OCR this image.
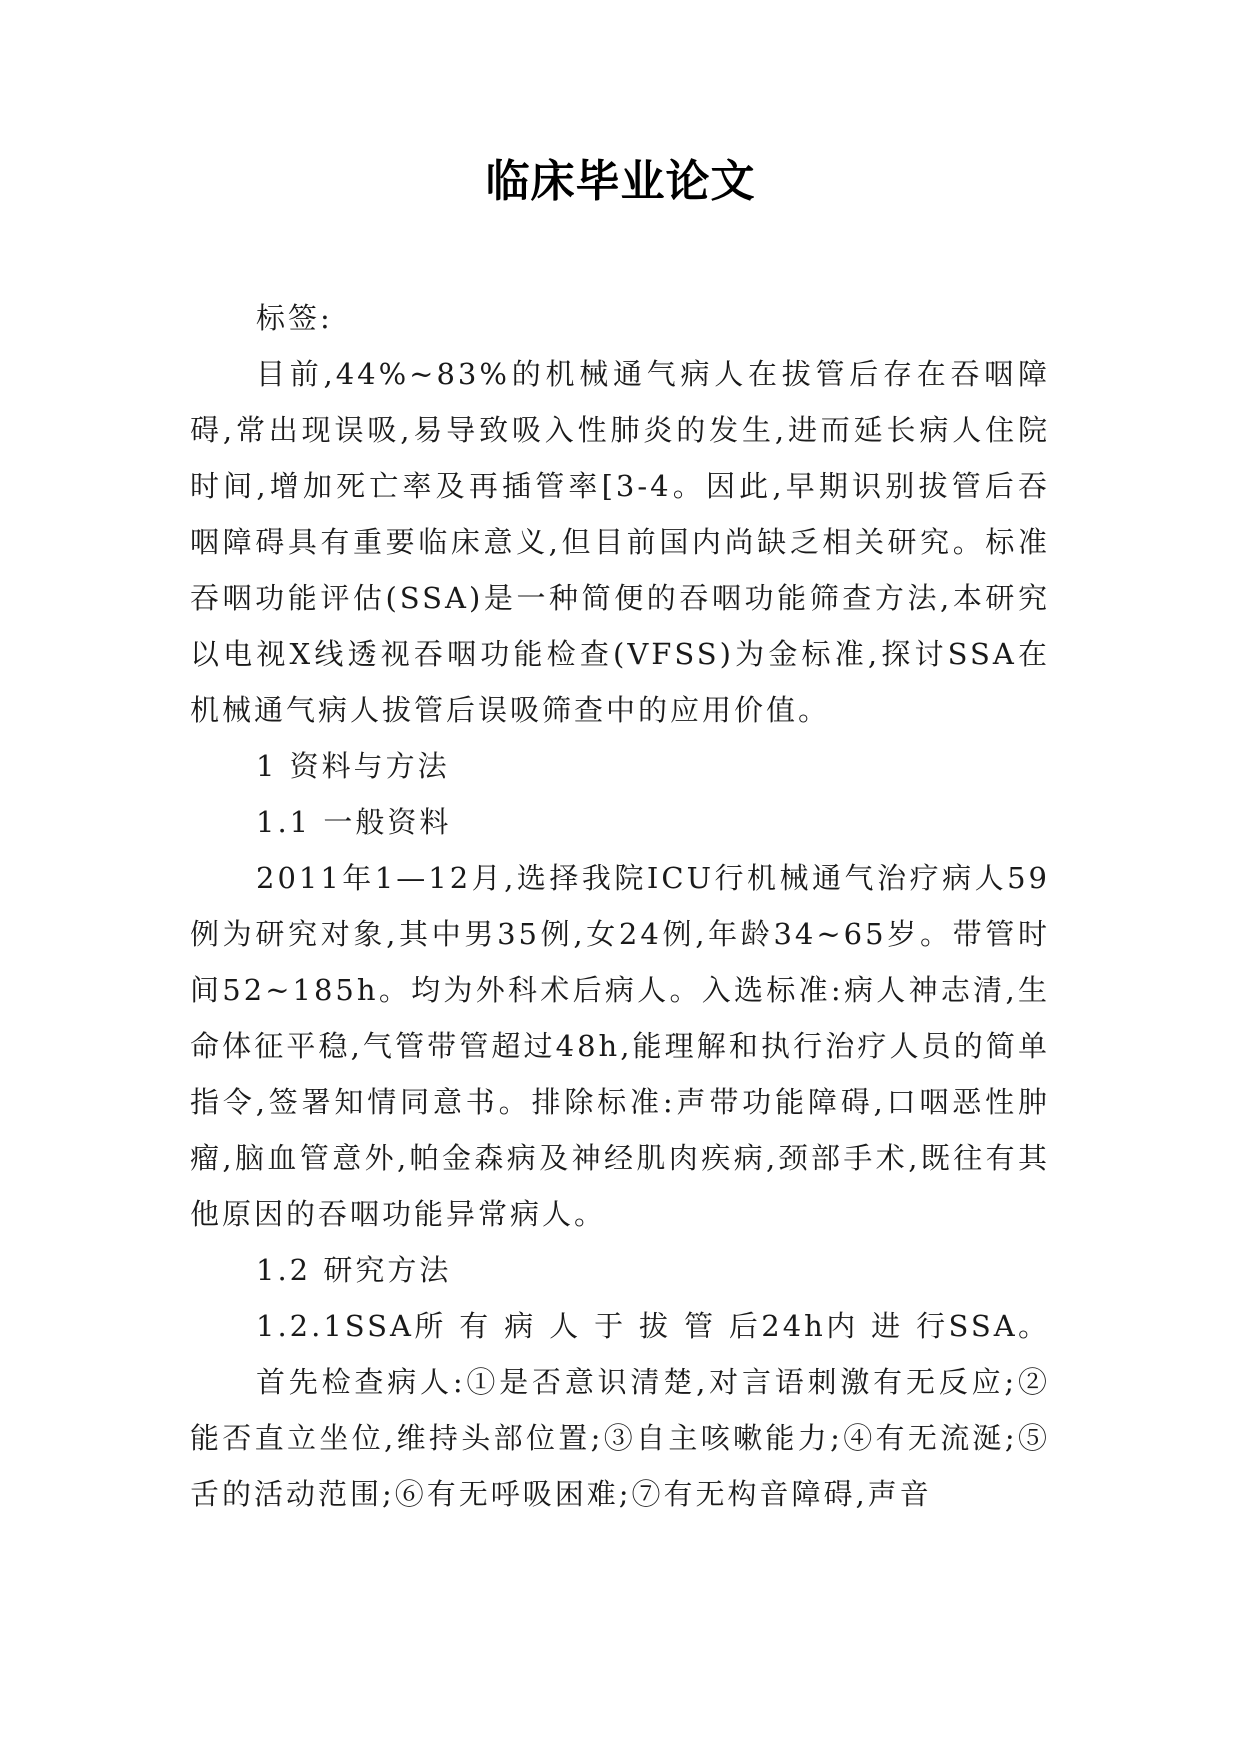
临床毕业论文

标签:

目前,44%~83%的机械通气病人在拔管后存在吞咽障碍,常出现误吸,易导致吸入性肺炎的发生,进而延长病人住院时间,增加死亡率及再插管率[3-4。因此,早期识别拔管后吞咽障碍具有重要临床意义,但目前国内尚缺乏相关研究。标准吞咽功能评估(SSA)是一种简便的吞咽功能筛查方法,本研究以电视X线透视吞咽功能检查(VFSS)为金标准,探讨SSA在机械通气病人拔管后误吸筛查中的应用价值。

1 资料与方法

1.1 一般资料

2011年1—12月,选择我院ICU行机械通气治疗病人59例为研究对象,其中男35例,女24例,年龄34~65岁。带管时间52~185h。均为外科术后病人。入选标准:病人神志清,生命体征平稳,气管带管超过48h,能理解和执行治疗人员的简单指令,签署知情同意书。排除标准:声带功能障碍,口咽恶性肿瘤,脑血管意外,帕金森病及神经肌肉疾病,颈部手术,既往有其他原因的吞咽功能异常病人。

1.2 研究方法

1.2.1SSA所 有 病 人 于 拔 管 后24h内 进 行SSA。

首先检查病人:①是否意识清楚,对言语刺激有无反应;②能否直立坐位,维持头部位置;③自主咳嗽能力;④有无流涎;⑤舌的活动范围;⑥有无呼吸困难;⑦有无构音障碍,声音
